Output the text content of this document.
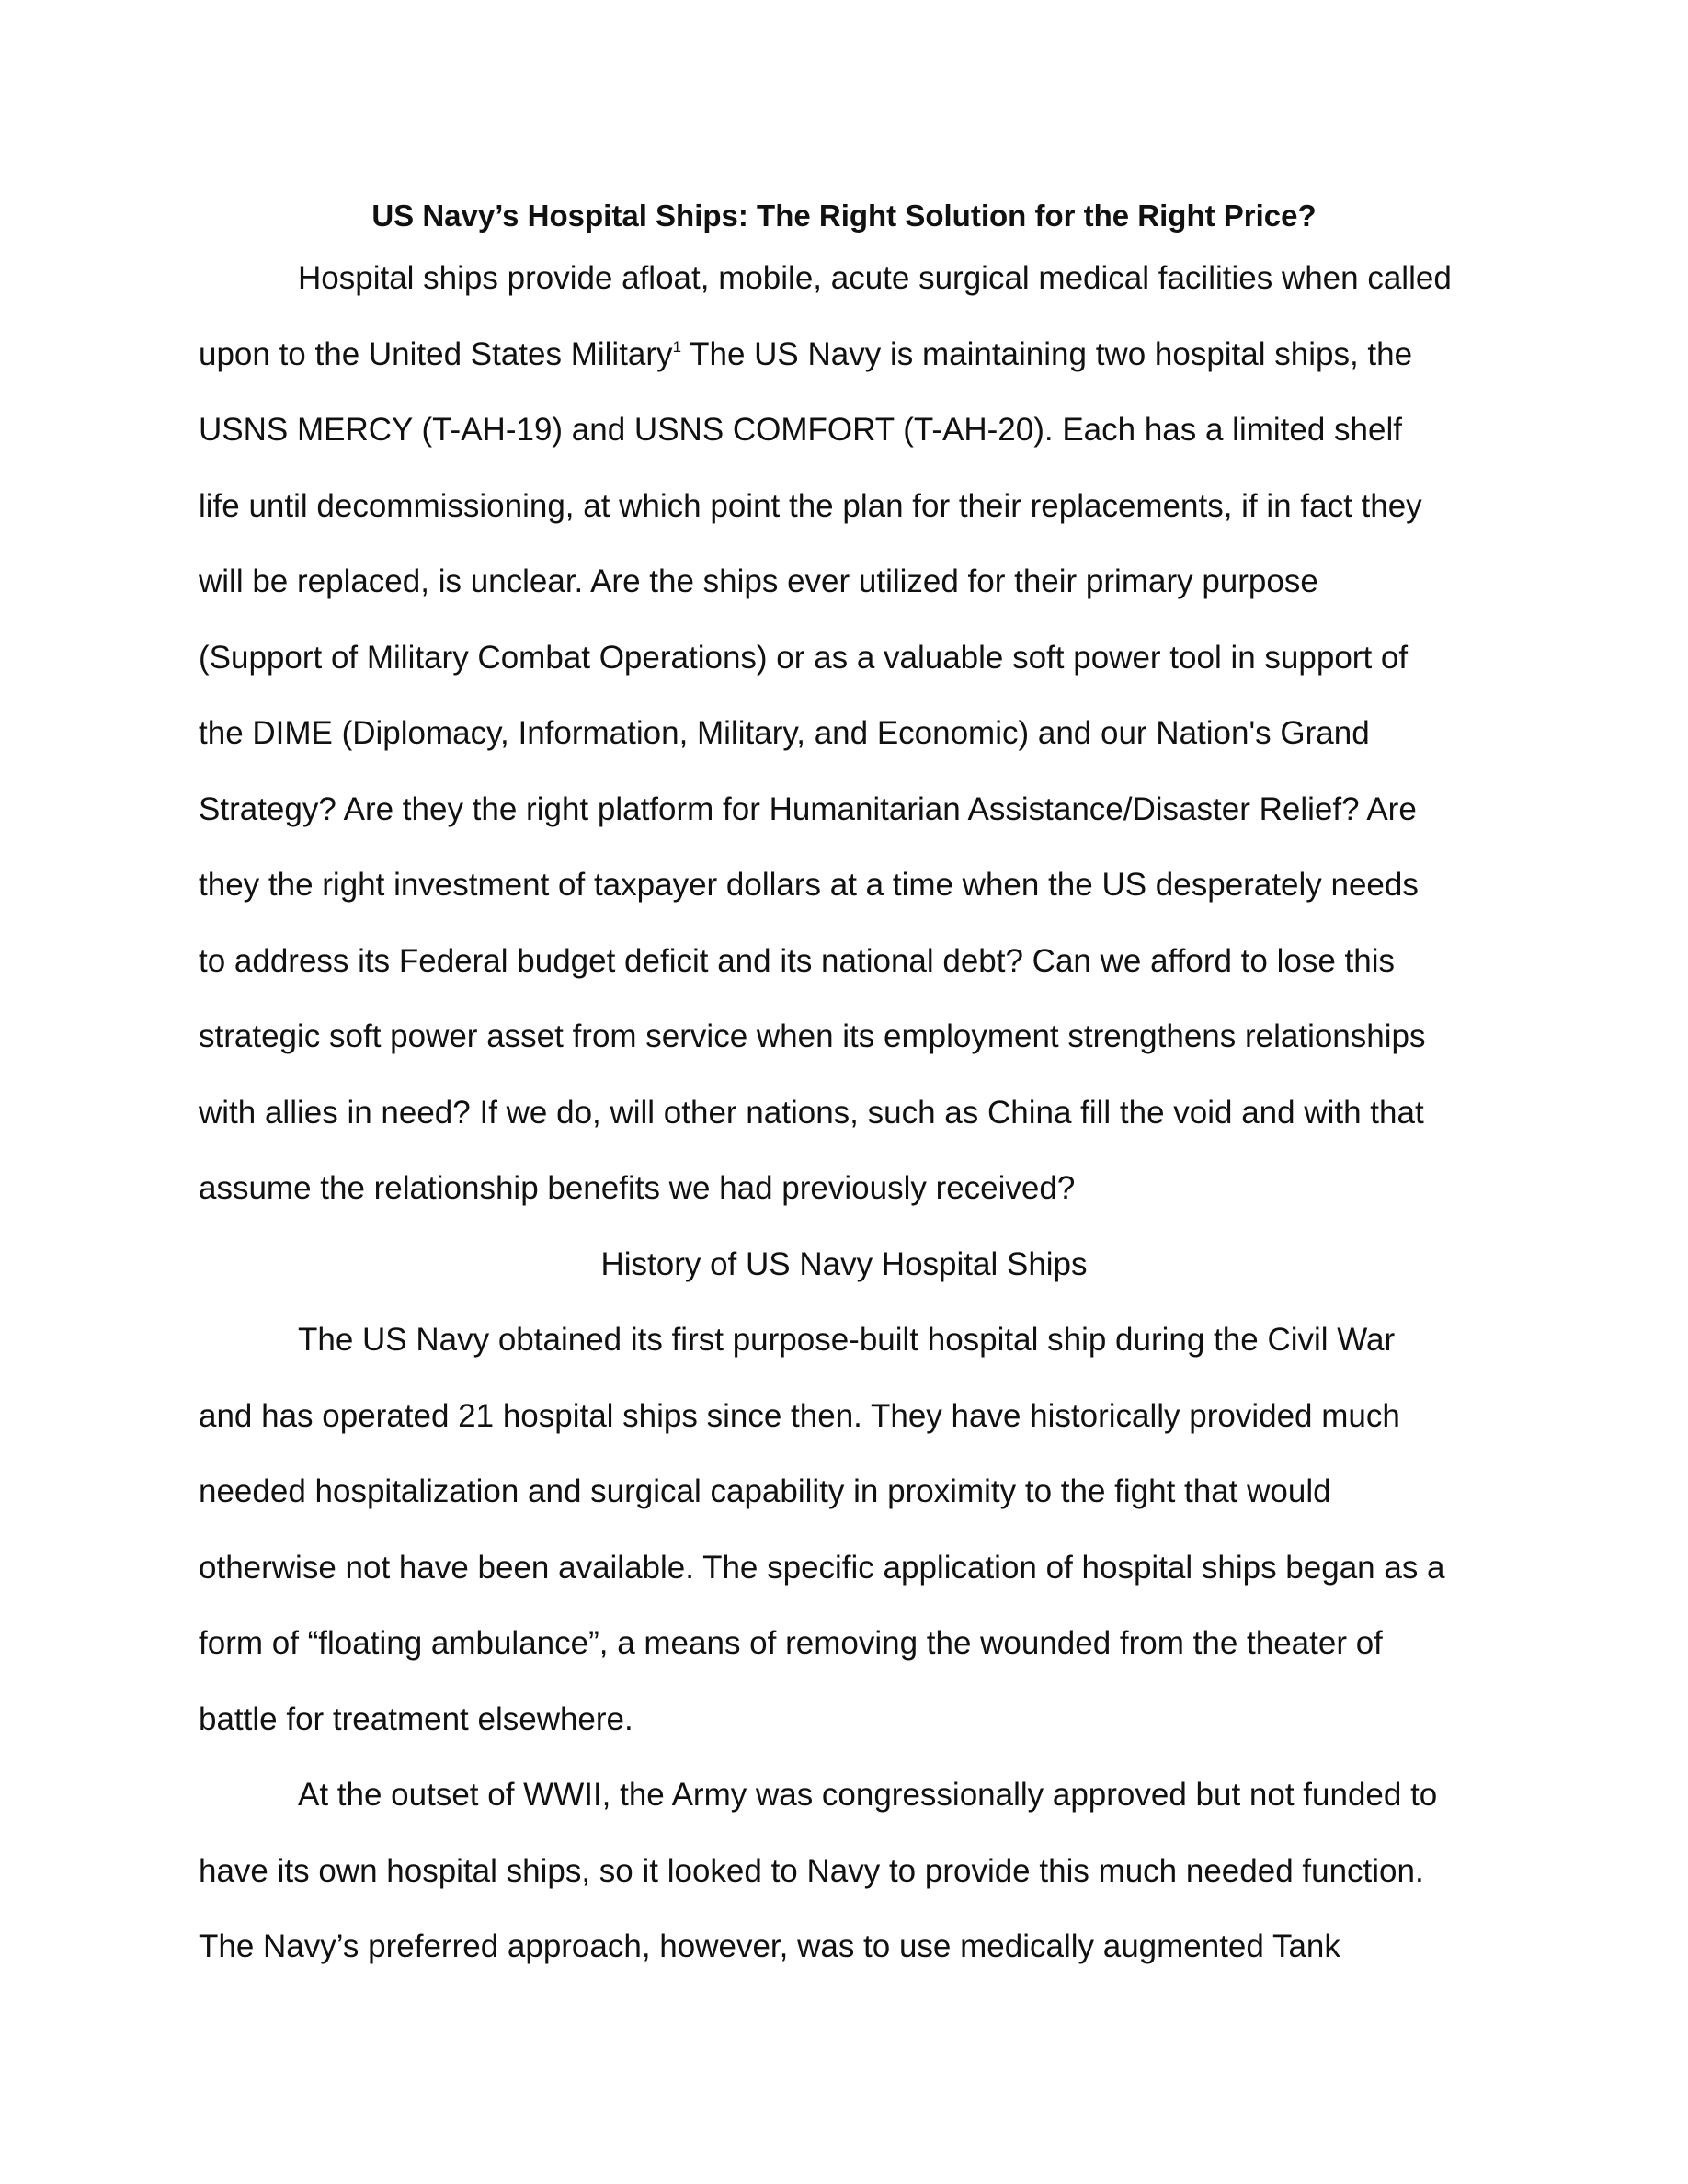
US Navy’s Hospital Ships: The Right Solution for the Right Price?

Hospital ships provide afloat, mobile, acute surgical medical facilities when called
upon to the United States Military$^1$ The US Navy is maintaining two hospital ships, the
USNS MERCY (T-AH-19) and USNS COMFORT (T-AH-20). Each has a limited shelf
life until decommissioning, at which point the plan for their replacements, if in fact they
will be replaced, is unclear. Are the ships ever utilized for their primary purpose
(Support of Military Combat Operations) or as a valuable soft power tool in support of
the DIME (Diplomacy, Information, Military, and Economic) and our Nation's Grand
Strategy? Are they the right platform for Humanitarian Assistance/Disaster Relief? Are
they the right investment of taxpayer dollars at a time when the US desperately needs
to address its Federal budget deficit and its national debt? Can we afford to lose this
strategic soft power asset from service when its employment strengthens relationships
with allies in need? If we do, will other nations, such as China fill the void and with that
assume the relationship benefits we had previously received?

History of US Navy Hospital Ships

The US Navy obtained its first purpose-built hospital ship during the Civil War
and has operated 21 hospital ships since then. They have historically provided much
needed hospitalization and surgical capability in proximity to the fight that would
otherwise not have been available. The specific application of hospital ships began as a
form of “floating ambulance”, a means of removing the wounded from the theater of
battle for treatment elsewhere.

At the outset of WWII, the Army was congressionally approved but not funded to
have its own hospital ships, so it looked to Navy to provide this much needed function.
The Navy’s preferred approach, however, was to use medically augmented Tank
